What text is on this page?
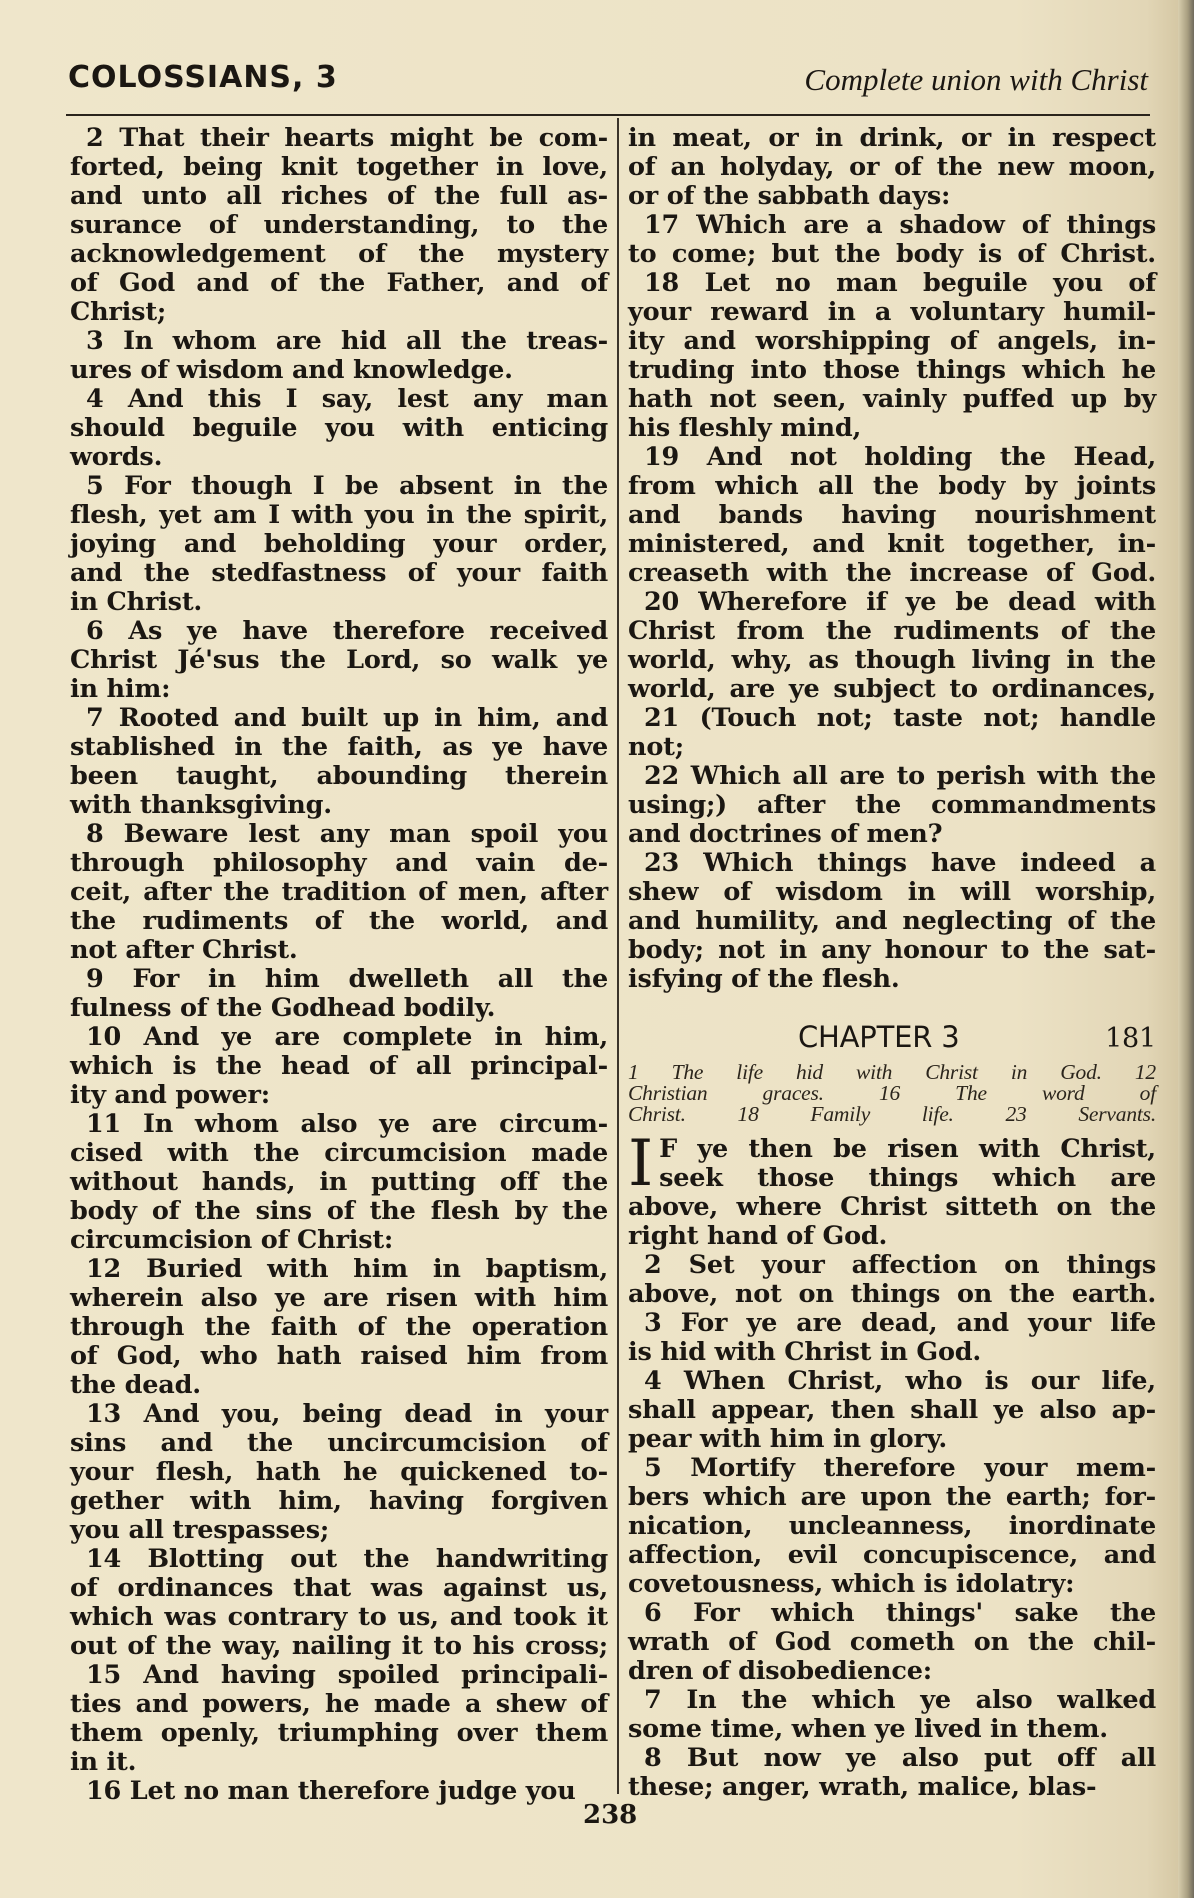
COLOSSIANS, 3	Complete union with Christ
2 That their hearts might be com-
forted, being knit together in love,
and unto all riches of the full as-
surance of understanding, to the
acknowledgement of the mystery
of God and of the Father, and of
Christ;
3 In whom are hid all the treas-
ures of wisdom and knowledge.
4 And this I say, lest any man
should beguile you with enticing
words.
5 For though I be absent in the
flesh, yet am I with you in the spirit,
joying and beholding your order,
and the stedfastness of your faith
in Christ.
6 As ye have therefore received
Christ Jé'sus the Lord, so walk ye
in him:
7 Rooted and built up in him, and
stablished in the faith, as ye have
been taught, abounding therein
with thanksgiving.
8 Beware lest any man spoil you
through philosophy and vain de-
ceit, after the tradition of men, after
the rudiments of the world, and
not after Christ.
9 For in him dwelleth all the
fulness of the Godhead bodily.
10 And ye are complete in him,
which is the head of all principal-
ity and power:
11 In whom also ye are circum-
cised with the circumcision made
without hands, in putting off the
body of the sins of the flesh by the
circumcision of Christ:
12 Buried with him in baptism,
wherein also ye are risen with him
through the faith of the operation
of God, who hath raised him from
the dead.
13 And you, being dead in your
sins and the uncircumcision of
your flesh, hath he quickened to-
gether with him, having forgiven
you all trespasses;
14 Blotting out the handwriting
of ordinances that was against us,
which was contrary to us, and took it
out of the way, nailing it to his cross;
15 And having spoiled principali-
ties and powers, he made a shew of
them openly, triumphing over them
in it.
16 Let no man therefore judge you
in meat, or in drink, or in respect
of an holyday, or of the new moon,
or of the sabbath days:
17 Which are a shadow of things
to come; but the body is of Christ.
18 Let no man beguile you of
your reward in a voluntary humil-
ity and worshipping of angels, in-
truding into those things which he
hath not seen, vainly puffed up by
his fleshly mind,
19 And not holding the Head,
from which all the body by joints
and bands having nourishment
ministered, and knit together, in-
creaseth with the increase of God.
20 Wherefore if ye be dead with
Christ from the rudiments of the
world, why, as though living in the
world, are ye subject to ordinances,
21 (Touch not; taste not; handle
not;
22 Which all are to perish with the
using;) after the commandments
and doctrines of men?
23 Which things have indeed a
shew of wisdom in will worship,
and humility, and neglecting of the
body; not in any honour to the sat-
isfying of the flesh.
CHAPTER 3	181
1 The life hid with Christ in God. 12
Christian graces. 16 The word of
Christ. 18 Family life. 23 Servants.
I F ye then be risen with Christ,
seek those things which are
above, where Christ sitteth on the
right hand of God.
2 Set your affection on things
above, not on things on the earth.
3 For ye are dead, and your life
is hid with Christ in God.
4 When Christ, who is our life,
shall appear, then shall ye also ap-
pear with him in glory.
5 Mortify therefore your mem-
bers which are upon the earth; for-
nication, uncleanness, inordinate
affection, evil concupiscence, and
covetousness, which is idolatry:
6 For which things' sake the
wrath of God cometh on the chil-
dren of disobedience:
7 In the which ye also walked
some time, when ye lived in them.
8 But now ye also put off all
these; anger, wrath, malice, blas-
238
